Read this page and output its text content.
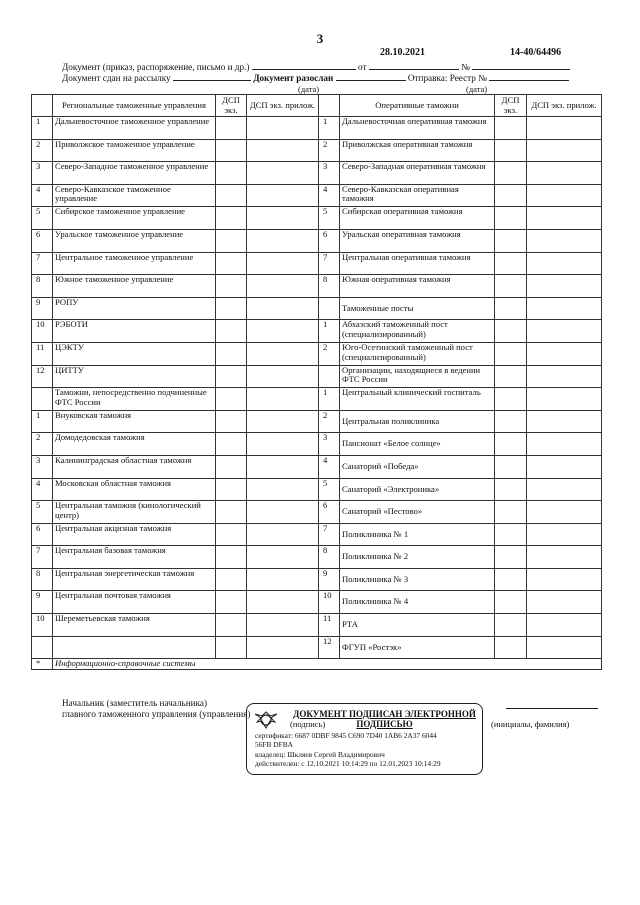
3
28.10.2021	14-40/64496
Документ (приказ, распоряжение, письмо и др.)	от	№
Документ сдан на рассылку	Документ разослан	Отправка: Реестр №
(дата)	(дата)
	Региональные таможенные управления	ДСП экз.	ДСП экз. прилож.		Оперативные таможни	ДСП экз.	ДСП экз. прилож.
1	Дальневосточное таможенное управление			1	Дальневосточная оперативная таможня		
2	Приволжское таможенное управление			2	Приволжская оперативная таможня		
3	Северо-Западное таможенное управление			3	Северо-Западная оперативная таможня		
4	Северо-Кавказское таможенное управление			4	Северо-Кавказская оперативная таможня		
5	Сибирское таможенное управление			5	Сибирская оперативная таможня		
6	Уральское таможенное управление			6	Уральская оперативная таможня		
7	Центральное таможенное управление			7	Центральная оперативная таможня		
8	Южное таможенное управление			8	Южная оперативная таможня		
9	РОПУ				Таможенные посты		
10	РЭБОТИ			1	Абхазский таможенный пост (специализированный)		
11	ЦЭКТУ			2	Юго-Осетинский таможенный пост (специализированный)		
12	ЦИТТУ				Организации, находящиеся в ведении ФТС России		
	Таможни, непосредственно подчиненные ФТС России			1	Центральный клинический госпиталь		
1	Внуковская таможня			2	Центральная поликлиника		
2	Домодедовская таможня			3	Пансионат «Белое солнце»		
3	Калининградская областная таможня			4	Санаторий «Победа»		
4	Московская областная таможня			5	Санаторий «Электроника»		
5	Центральная таможня (кинологический центр)			6	Санаторий «Пестово»		
6	Центральная акцизная таможня			7	Поликлиника № 1		
7	Центральная базовая таможня			8	Поликлиника № 2		
8	Центральная энергетическая таможня			9	Поликлиника № 3		
9	Центральная почтовая таможня			10	Поликлиника № 4		
10	Шереметьевская таможня			11	РТА		
				12	ФГУП «Ростэк»		
*	Информационно-справочные системы						
Начальник (заместитель начальника)
главного таможенного управления (управления)	ДОКУМЕНТ ПОДПИСАН ЭЛЕКТРОННОЙ
ПОДПИСЬЮ
сертификат: 6687 0DBF 9845 C690 7D40 1AB6 2A37 6044
56FB DFBA
владелец: Шкляев Сергей Владимирович
действителен: с 12.10.2021 10:14:29 по 12.01.2023 10:14:29
(подпись)	(инициалы, фамилия)
